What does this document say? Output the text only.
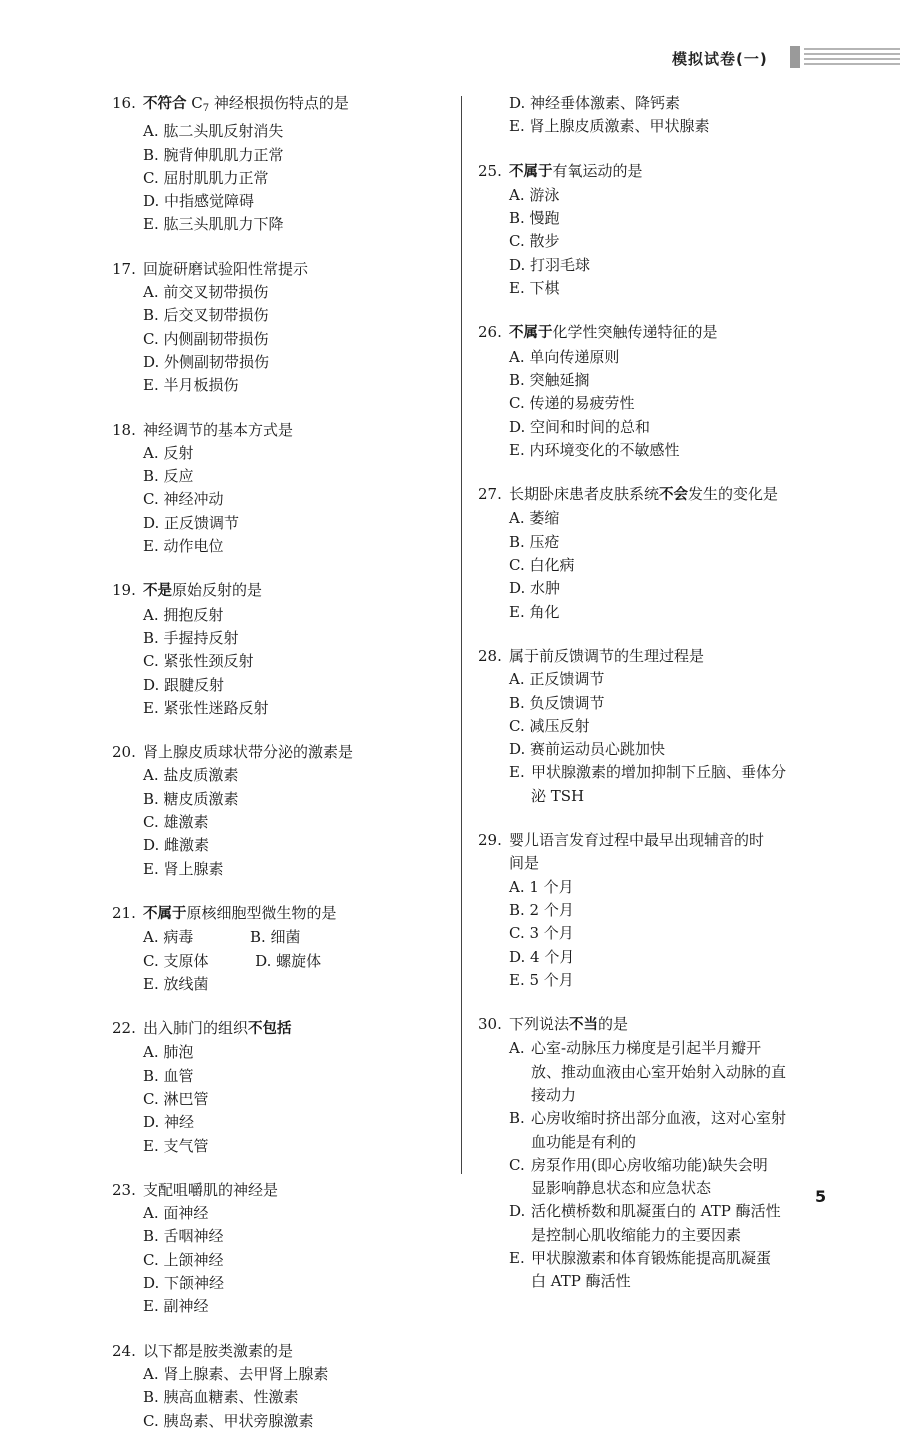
模拟试卷(一)
16. 不符合 $C_7$ 神经根损伤特点的是
A. 肱二头肌反射消失
B. 腕背伸肌肌力正常
C. 屈肘肌肌力正常
D. 中指感觉障碍
E. 肱三头肌肌力下降
17. 回旋研磨试验阳性常提示
A. 前交叉韧带损伤
B. 后交叉韧带损伤
C. 内侧副韧带损伤
D. 外侧副韧带损伤
E. 半月板损伤
18. 神经调节的基本方式是
A. 反射B. 反应 C. 神经冲动D. 正反馈调节
E. 动作电位
19. 不是原始反射的是
A. 拥抱反射B. 手握持反射 C. 紧张性颈反射D. 跟腱反射
E. 紧张性迷路反射
20. 肾上腺皮质球状带分泌的激素是
A. 盐皮质激素B. 糖皮质激素 C. 雄激素D. 雌激素
E. 肾上腺素
21. 不属于原核细胞型微生物的是
A. 病毒	B. 细菌C. 支原体	D. 螺旋体E. 放线菌
22. 出入肺门的组织不包括
A. 肺泡B. 血管 C. 淋巴管D. 神经
E. 支气管
23. 支配咀嚼肌的神经是
A. 面神经B. 舌咽神经 C. 上颌神经D. 下颌神经
E. 副神经
24. 以下都是胺类激素的是
A. 肾上腺素、去甲肾上腺素
B. 胰高血糖素、性激素
C. 胰岛素、甲状旁腺激素
D. 神经垂体激素、降钙素
E. 肾上腺皮质激素、甲状腺素
25. 不属于有氧运动的是
A. 游泳B. 慢跑 C. 散步D. 打羽毛球
E. 下棋
26. 不属于化学性突触传递特征的是
A. 单向传递原则
B. 突触延搁
C. 传递的易疲劳性
D. 空间和时间的总和
E. 内环境变化的不敏感性
27. 长期卧床患者皮肤系统不会发生的变化是
A. 萎缩B. 压疮 C. 白化病D. 水肿
E. 角化
28. 属于前反馈调节的生理过程是
A. 正反馈调节
B. 负反馈调节
C. 减压反射
D. 赛前运动员心跳加快
E. 甲状腺激素的增加抑制下丘脑、垂体分
泌 TSH
29. 婴儿语言发育过程中最早出现辅音的时
间是
A. 1 个月B. 2 个月 C. 3 个月D. 4 个月
E. 5 个月
30. 下列说法不当的是
A. 心室-动脉压力梯度是引起半月瓣开
放、推动血液由心室开始射入动脉的直
接动力
B. 心房收缩时挤出部分血液，这对心室射
血功能是有利的
C. 房泵作用(即心房收缩功能)缺失会明
显影响静息状态和应急状态
D. 活化横桥数和肌凝蛋白的 ATP 酶活性
是控制心肌收缩能力的主要因素
E. 甲状腺激素和体育锻炼能提高肌凝蛋
白 ATP 酶活性
5
